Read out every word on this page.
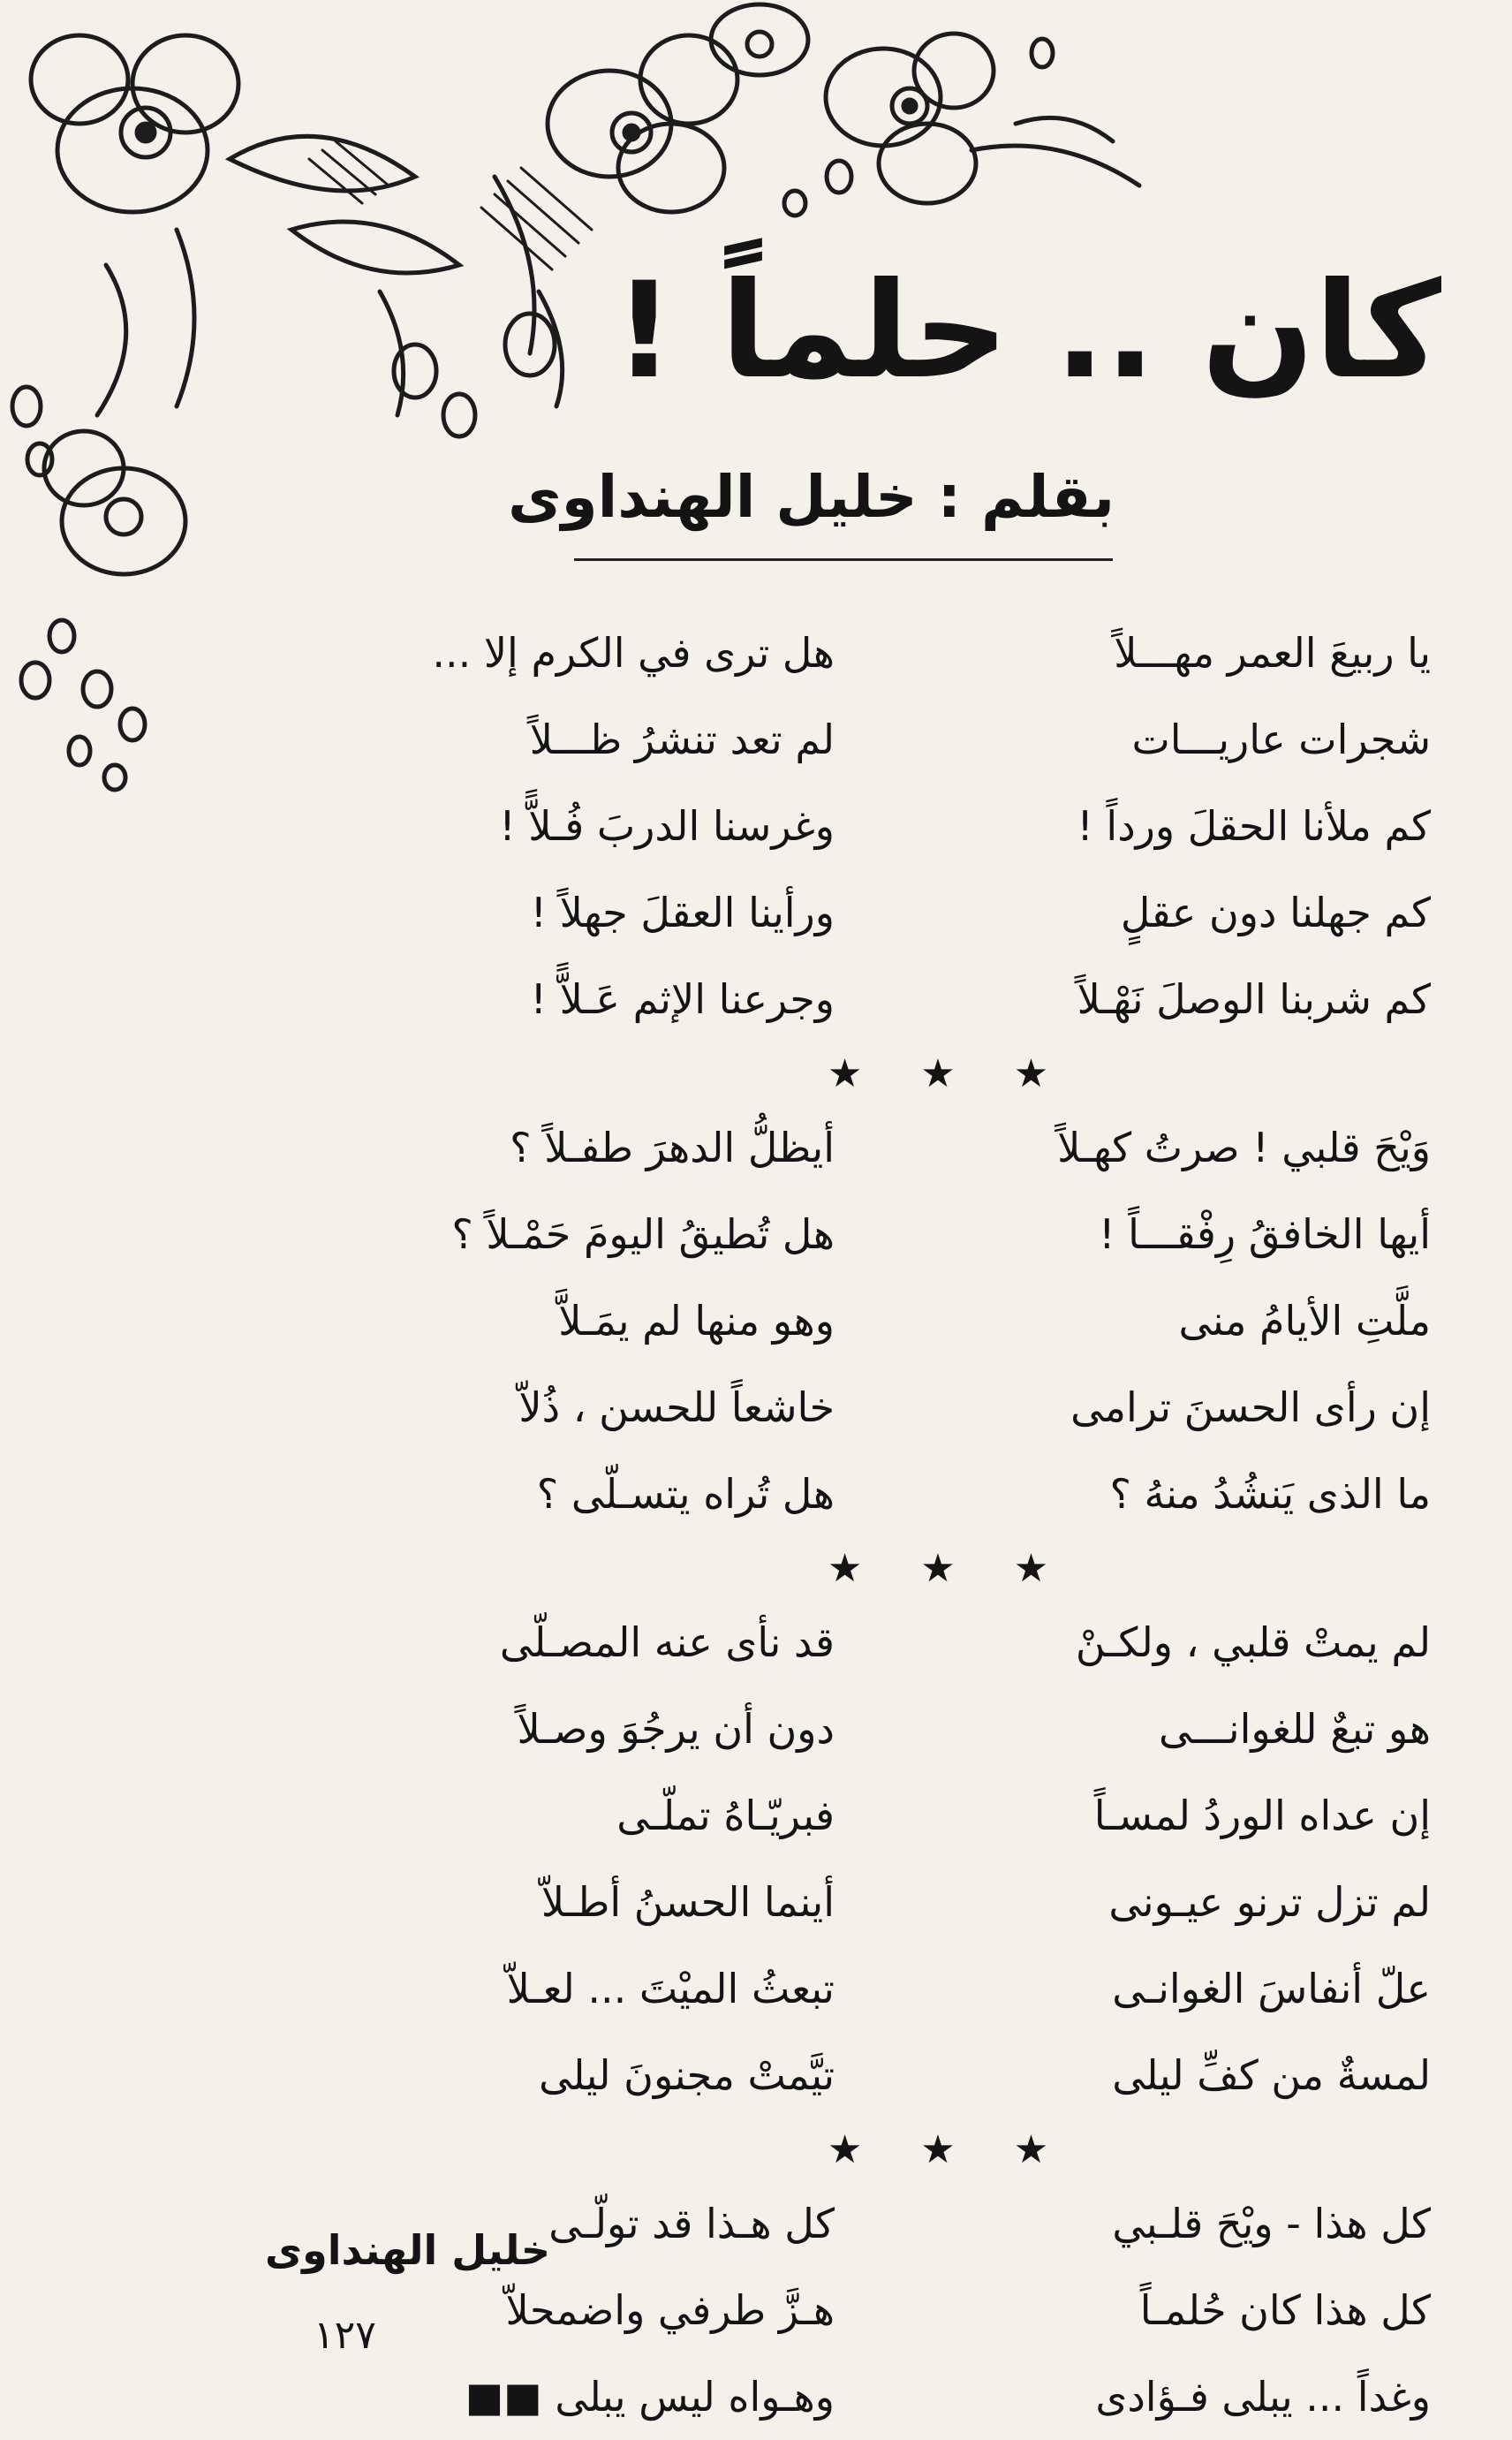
كان .. حلماً !
بقلم : خليل الهنداوى
يا ربيعَ العمر مهـــلاً
هل ترى في الكرم إلا ...
شجرات عاريـــات
لم تعد تنشرُ ظـــلاً
كم ملأنا الحقلَ ورداً !
وغرسنا الدربَ فُـلاًّ !
كم جهلنا دون عقلٍ
ورأينا العقلَ جهلاً !
كم شربنا الوصلَ نَهْـلاً
وجرعنا الإثم عَـلاًّ !
★ ★ ★
وَيْحَ قلبي ! صرتُ كهـلاً
أيظلُّ الدهرَ طفـلاً ؟
أيها الخافقُ رِفْقـــاً !
هل تُطيقُ اليومَ حَمْـلاً ؟
ملَّتِ الأيامُ منى
وهو منها لم يمَـلاَّ
إن رأى الحسنَ ترامى
خاشعاً للحسن ، ذُلاّ
ما الذى يَنشُدُ منهُ ؟
هل تُراه يتسـلّى ؟
★ ★ ★
لم يمتْ قلبي ، ولكـنْ
قد نأى عنه المصـلّى
هو تبعٌ للغوانـــى
دون أن يرجُوَ وصـلاً
إن عداه الوردُ لمسـاً
فبريّـاهُ تملّـى
لم تزل ترنو عيـونى
أينما الحسنُ أطـلاّ
علّ أنفاسَ الغوانـى
تبعثُ الميْتَ ... لعـلاّ
لمسةٌ من كفِّ ليلى
تيَّمتْ مجنونَ ليلى
★ ★ ★
كل هذا - ويْحَ قلـبي
كل هـذا قد تولّـى
كل هذا كان حُلمـاً
هـزَّ طرفي واضمحلاّ
وغداً ... يبلى فـؤادى
وهـواه ليس يبلى ■■
خليل الهنداوى
١٢٧
